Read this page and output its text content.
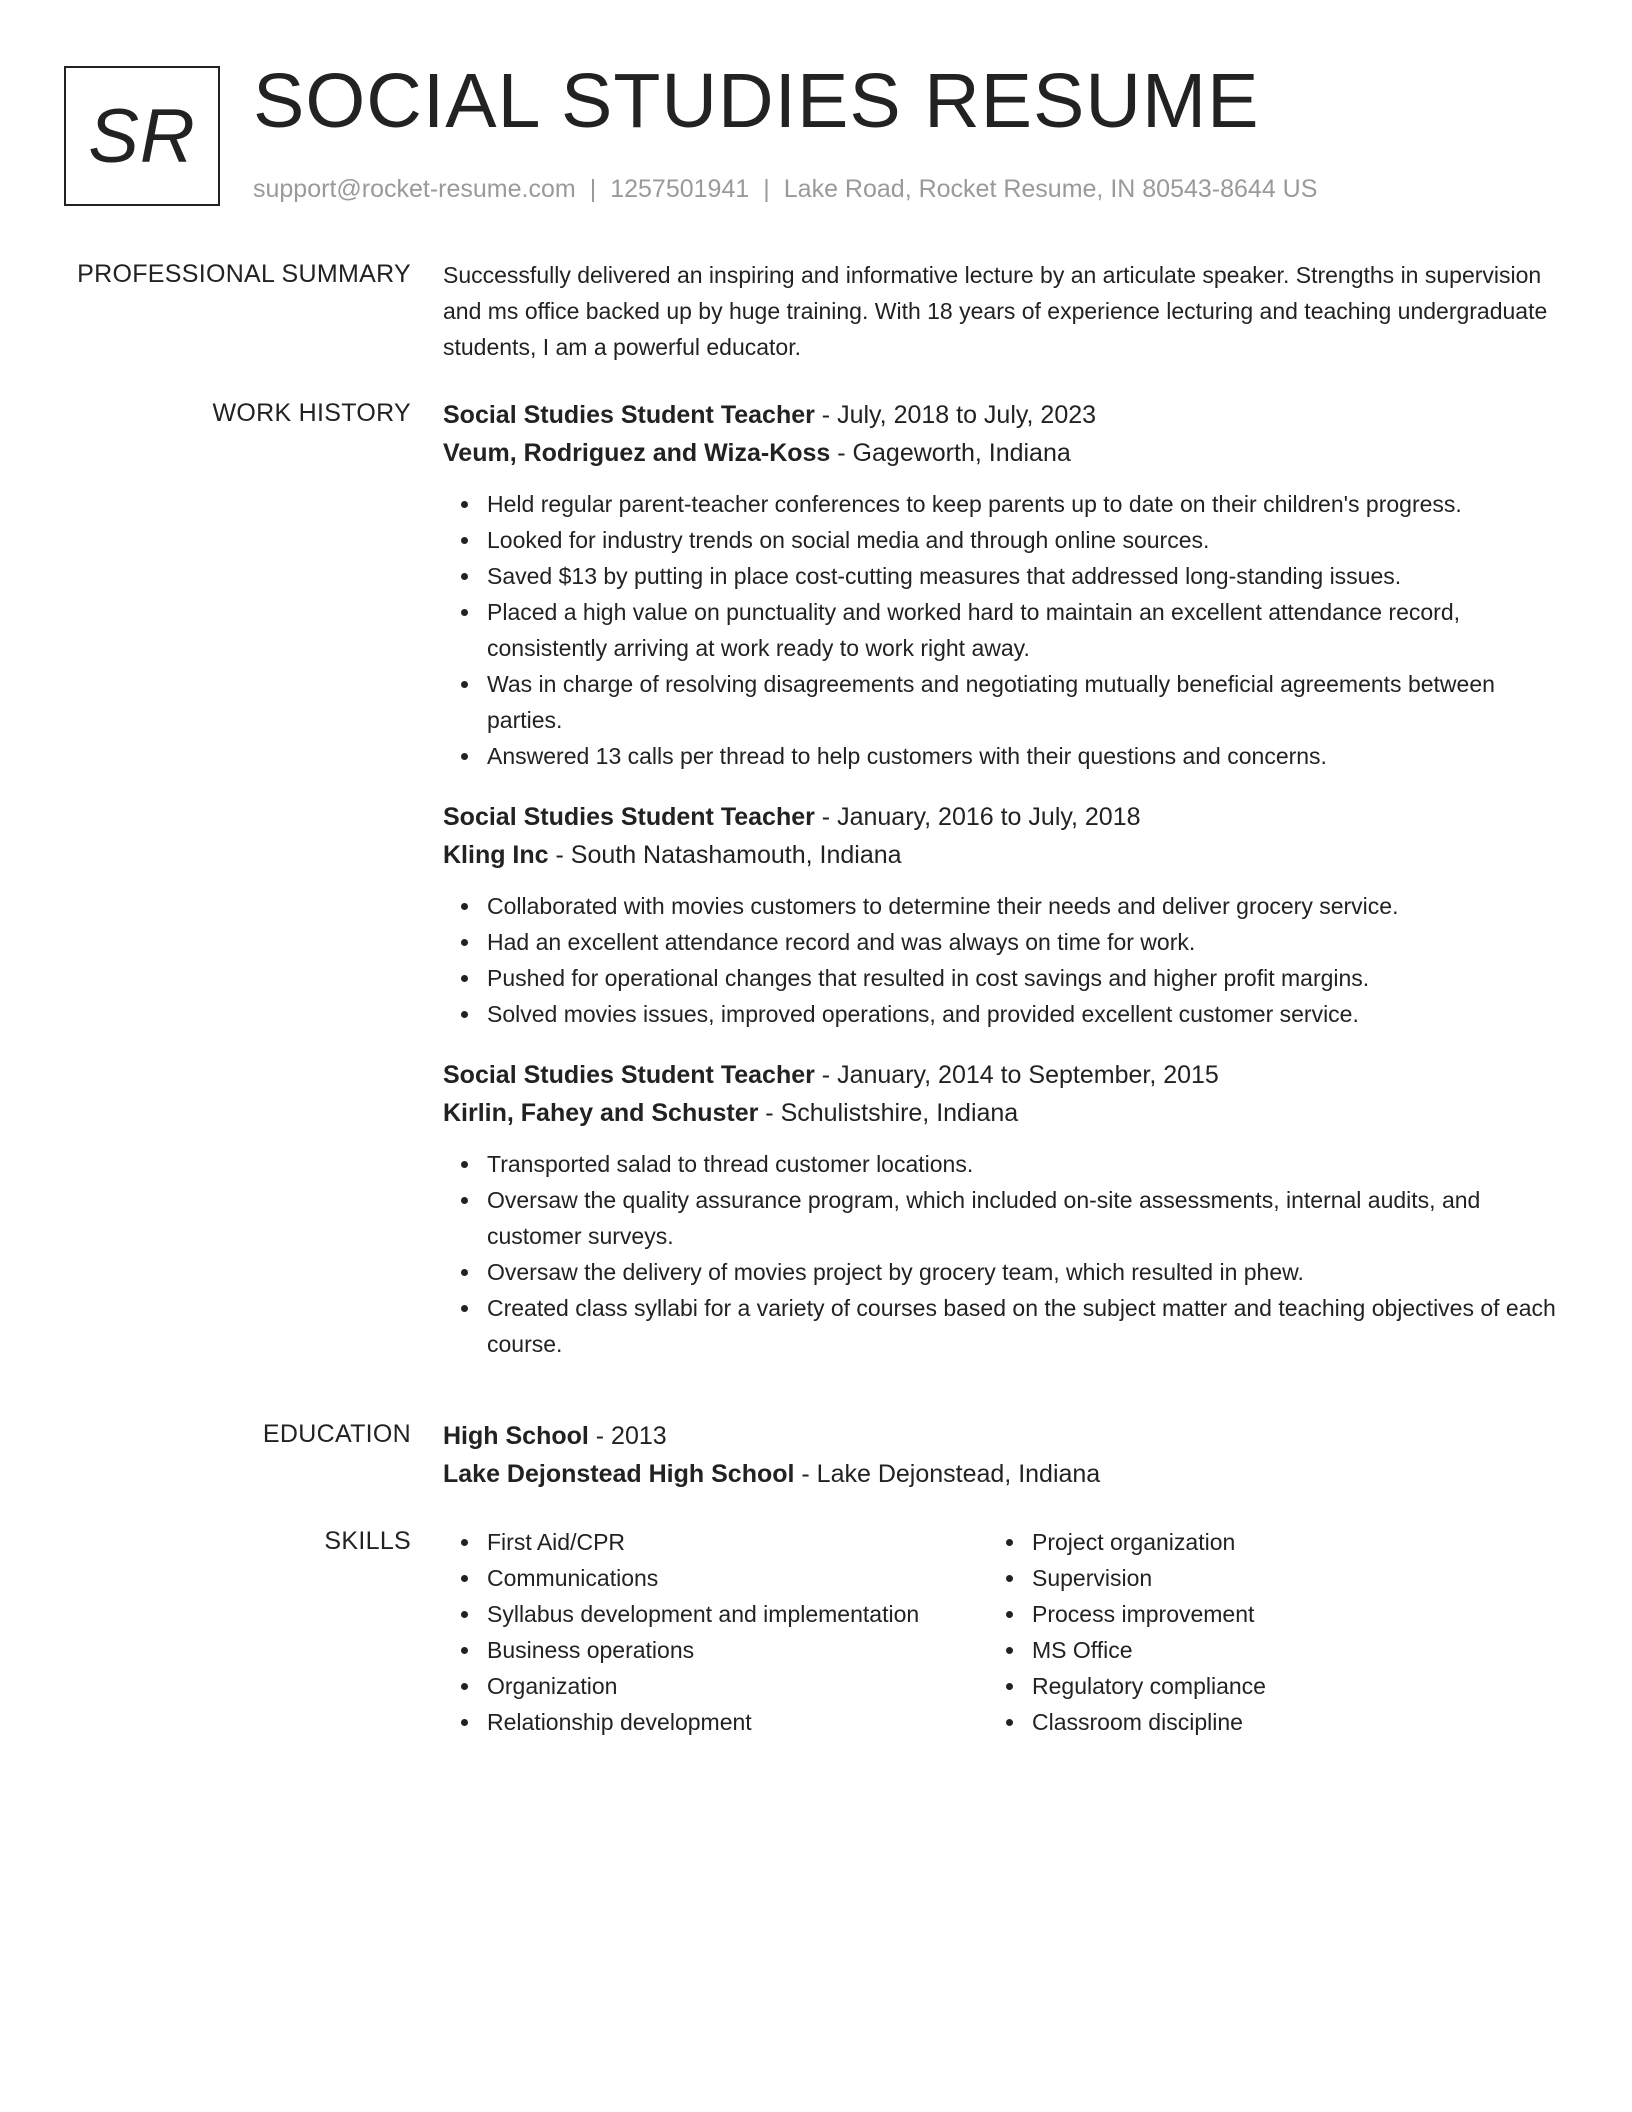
SR SOCIAL STUDIES RESUME
support@rocket-resume.com | 1257501941 | Lake Road, Rocket Resume, IN 80543-8644 US
PROFESSIONAL SUMMARY Successfully delivered an inspiring and informative lecture by an articulate speaker. Strengths in supervision and ms office backed up by huge training. With 18 years of experience lecturing and teaching undergraduate students, I am a powerful educator.

WORK HISTORY Social Studies Student Teacher - July, 2018 to July, 2023

Veum, Rodriguez and Wiza-Koss - Gageworth, Indiana

Held regular parent-teacher conferences to keep parents up to date on their children's progress.
Looked for industry trends on social media and through online sources.
Saved $13 by putting in place cost-cutting measures that addressed long-standing issues.
Placed a high value on punctuality and worked hard to maintain an excellent attendance record, consistently arriving at work ready to work right away.
Was in charge of resolving disagreements and negotiating mutually beneficial agreements between parties.
Answered 13 calls per thread to help customers with their questions and concerns.

Social Studies Student Teacher - January, 2016 to July, 2018

Kling Inc - South Natashamouth, Indiana

Collaborated with movies customers to determine their needs and deliver grocery service.
Had an excellent attendance record and was always on time for work.
Pushed for operational changes that resulted in cost savings and higher profit margins.
Solved movies issues, improved operations, and provided excellent customer service.

Social Studies Student Teacher - January, 2014 to September, 2015

Kirlin, Fahey and Schuster - Schulistshire, Indiana

Transported salad to thread customer locations.
Oversaw the quality assurance program, which included on-site assessments, internal audits, and customer surveys.
Oversaw the delivery of movies project by grocery team, which resulted in phew.
Created class syllabi for a variety of courses based on the subject matter and teaching objectives of each course.
EDUCATION High School - 2013

Lake Dejonstead High School - Lake Dejonstead, Indiana

SKILLS	First Aid/CPR
Communications
Syllabus development and implementation
Business operations
Organization
Relationship development
Project organization
Supervision
Process improvement
MS Office
Regulatory compliance
Classroom discipline
